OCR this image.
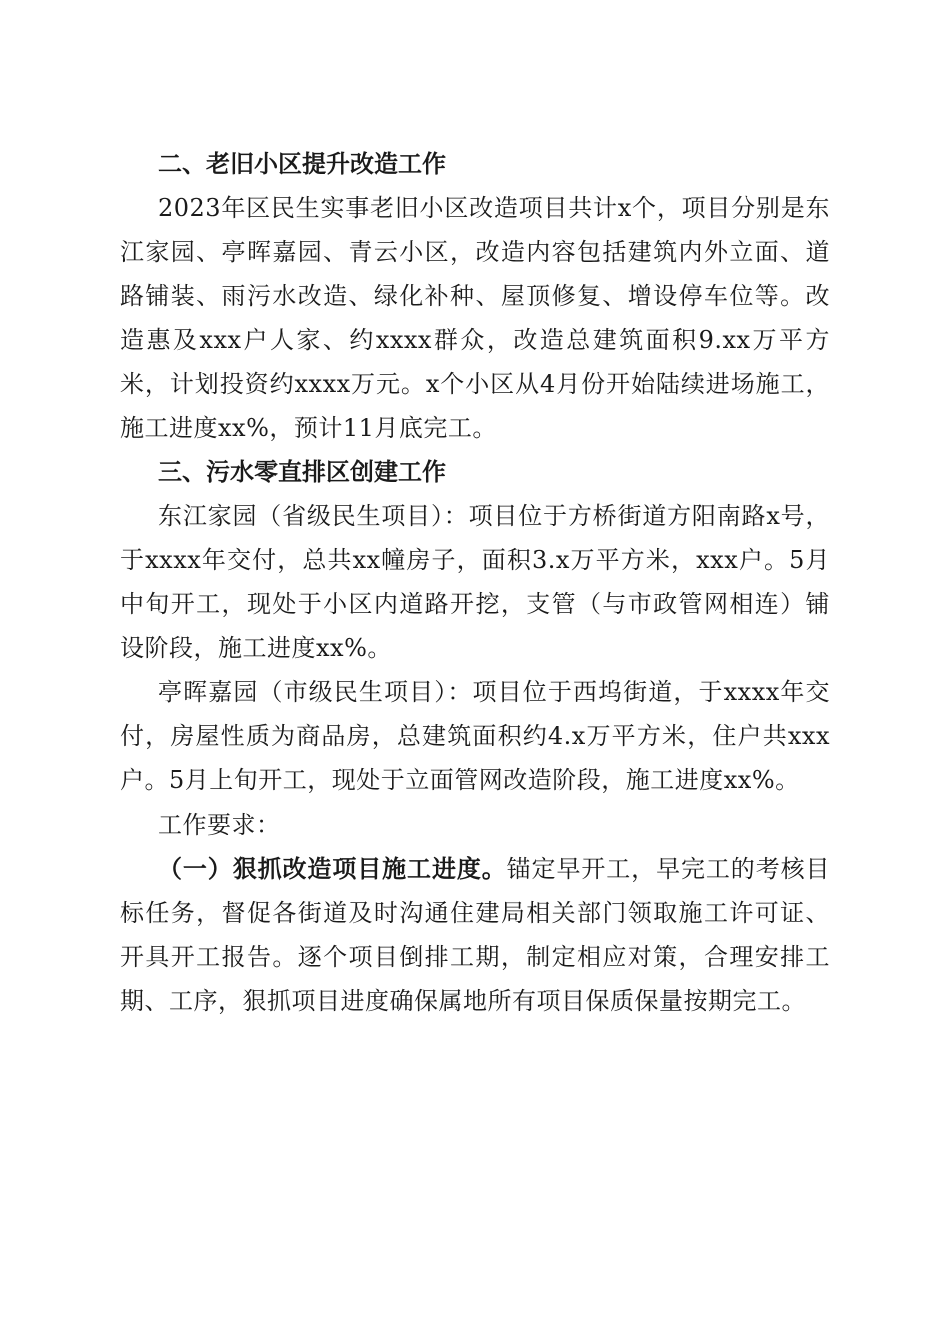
二、老旧小区提升改造工作

2023年区民生实事老旧小区改造项目共计x个，项目分别是东江家园、亭晖嘉园、青云小区，改造内容包括建筑内外立面、道路铺装、雨污水改造、绿化补种、屋顶修复、增设停车位等。改造惠及xxx户人家、约xxxx群众，改造总建筑面积9.xx万平方米，计划投资约xxxx万元。x个小区从4月份开始陆续进场施工，施工进度xx%，预计11月底完工。

三、污水零直排区创建工作

东江家园（省级民生项目）：项目位于方桥街道方阳南路x号，于xxxx年交付，总共xx幢房子，面积3.x万平方米，xxx户。5月中旬开工，现处于小区内道路开挖，支管（与市政管网相连）铺设阶段，施工进度xx%。

亭晖嘉园（市级民生项目）：项目位于西坞街道，于xxxx年交付，房屋性质为商品房，总建筑面积约4.x万平方米，住户共xxx户。5月上旬开工，现处于立面管网改造阶段，施工进度xx%。

工作要求：

（一）狠抓改造项目施工进度。锚定早开工，早完工的考核目标任务，督促各街道及时沟通住建局相关部门领取施工许可证、开具开工报告。逐个项目倒排工期，制定相应对策，合理安排工期、工序，狠抓项目进度确保属地所有项目保质保量按期完工。
